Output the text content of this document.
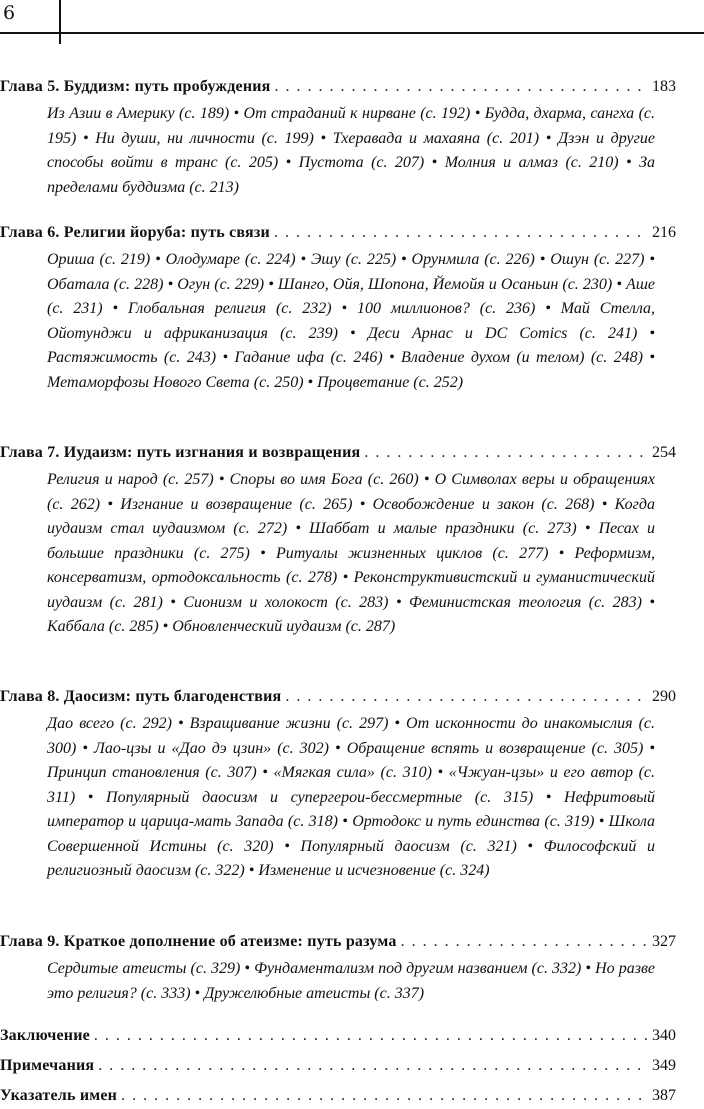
6
Глава 5. Буддизм: путь пробуждения . . .	183
Из Азии в Америку (с. 189) • От страданий к нирване (с. 192) • Будда, дхарма, сангха (с. 195) • Ни души, ни личности (с. 199) • Тхеравада и махаяна (с. 201) • Дзэн и другие способы войти в транс (с. 205) • Пустота (с. 207) • Молния и алмаз (с. 210) • За пределами буддизма (с. 213)
Глава 6. Религии йоруба: путь связи . . .	216
Ориша (с. 219) • Олодумаре (с. 224) • Эшу (с. 225) • Орунмила (с. 226) • Ошун (с. 227) • Обатала (с. 228) • Огун (с. 229) • Шанго, Ойя, Шопона, Йемойя и Осаньин (с. 230) • Аше (с. 231) • Глобальная религия (с. 232) • 100 миллионов? (с. 236) • Май Стелла, Ойотунджи и африканизация (с. 239) • Деси Арнас и DC Comics (с. 241) • Растяжимость (с. 243) • Гадание ифа (с. 246) • Владение духом (и телом) (с. 248) • Метаморфозы Нового Света (с. 250) • Процветание (с. 252)
Глава 7. Иудаизм: путь изгнания и возвращения . . .	254
Религия и народ (с. 257) • Споры во имя Бога (с. 260) • О Символах веры и обращениях (с. 262) • Изгнание и возвращение (с. 265) • Освобождение и закон (с. 268) • Когда иудаизм стал иудаизмом (с. 272) • Шаббат и малые праздники (с. 273) • Песах и большие праздники (с. 275) • Ритуалы жизненных циклов (с. 277) • Реформизм, консерватизм, ортодоксальность (с. 278) • Реконструктивистский и гуманистический иудаизм (с. 281) • Сионизм и холокост (с. 283) • Феминистская теология (с. 283) • Каббала (с. 285) • Обновленческий иудаизм (с. 287)
Глава 8. Даосизм: путь благоденствия . . .	290
Дао всего (с. 292) • Взращивание жизни (с. 297) • От исконности до инакомыслия (с. 300) • Лао-цзы и «Дао дэ цзин» (с. 302) • Обращение вспять и возвращение (с. 305) • Принцип становления (с. 307) • «Мягкая сила» (с. 310) • «Чжуан-цзы» и его автор (с. 311) • Популярный даосизм и супергерои-бессмертные (с. 315) • Нефритовый император и царица-мать Запада (с. 318) • Ортодокс и путь единства (с. 319) • Школа Совершенной Истины (с. 320) • Популярный даосизм (с. 321) • Философский и религиозный даосизм (с. 322) • Изменение и исчезновение (с. 324)
Глава 9. Краткое дополнение об атеизме: путь разума . . .	327
Сердитые атеисты (с. 329) • Фундаментализм под другим названием (с. 332) • Но разве это религия? (с. 333) • Дружелюбные атеисты (с. 337)
Заключение . . .	340
Примечания . . .	349
Указатель имен . . .	387
